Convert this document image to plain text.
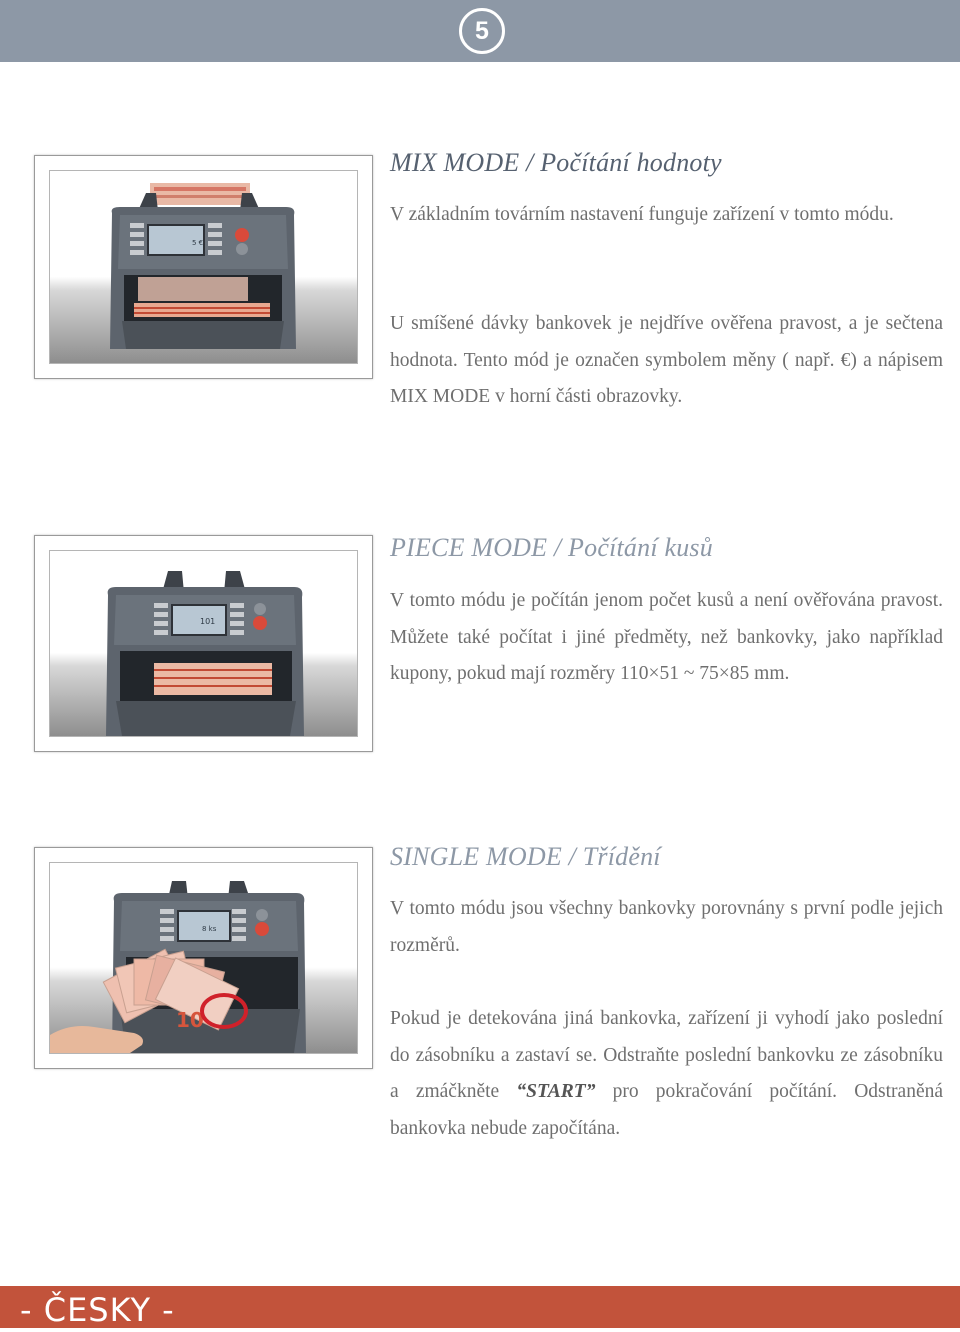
5
5 €
MIX MODE / Počítání hodnoty

V základním továrním nastavení funguje zařízení v tomto módu.

U smíšené dávky bankovek je nejdříve ověřena pravost, a je sečtena hodnota. Tento mód je označen symbolem měny ( např. €) a nápisem MIX MODE v horní části obrazovky.

101
PIECE MODE / Počítání kusů

V tomto módu je počítán jenom počet kusů a není ověřována pravost. Můžete také počítat i jiné předměty, než bankovky, jako například kupony, pokud mají rozměry 110×51 ~ 75×85 mm.

8 ks
10
SINGLE MODE / Třídění

V tomto módu jsou všechny bankovky porovnány s první podle jejich rozměrů.

Pokud je detekována jiná bankovka, zařízení ji vyhodí jako poslední do zásobníku a zastaví se. Odstraňte poslední bankovku ze zásobníku a zmáčkněte “START” pro pokračování počítání. Odstraněná bankovka nebude započítána.

- ČESKY -
